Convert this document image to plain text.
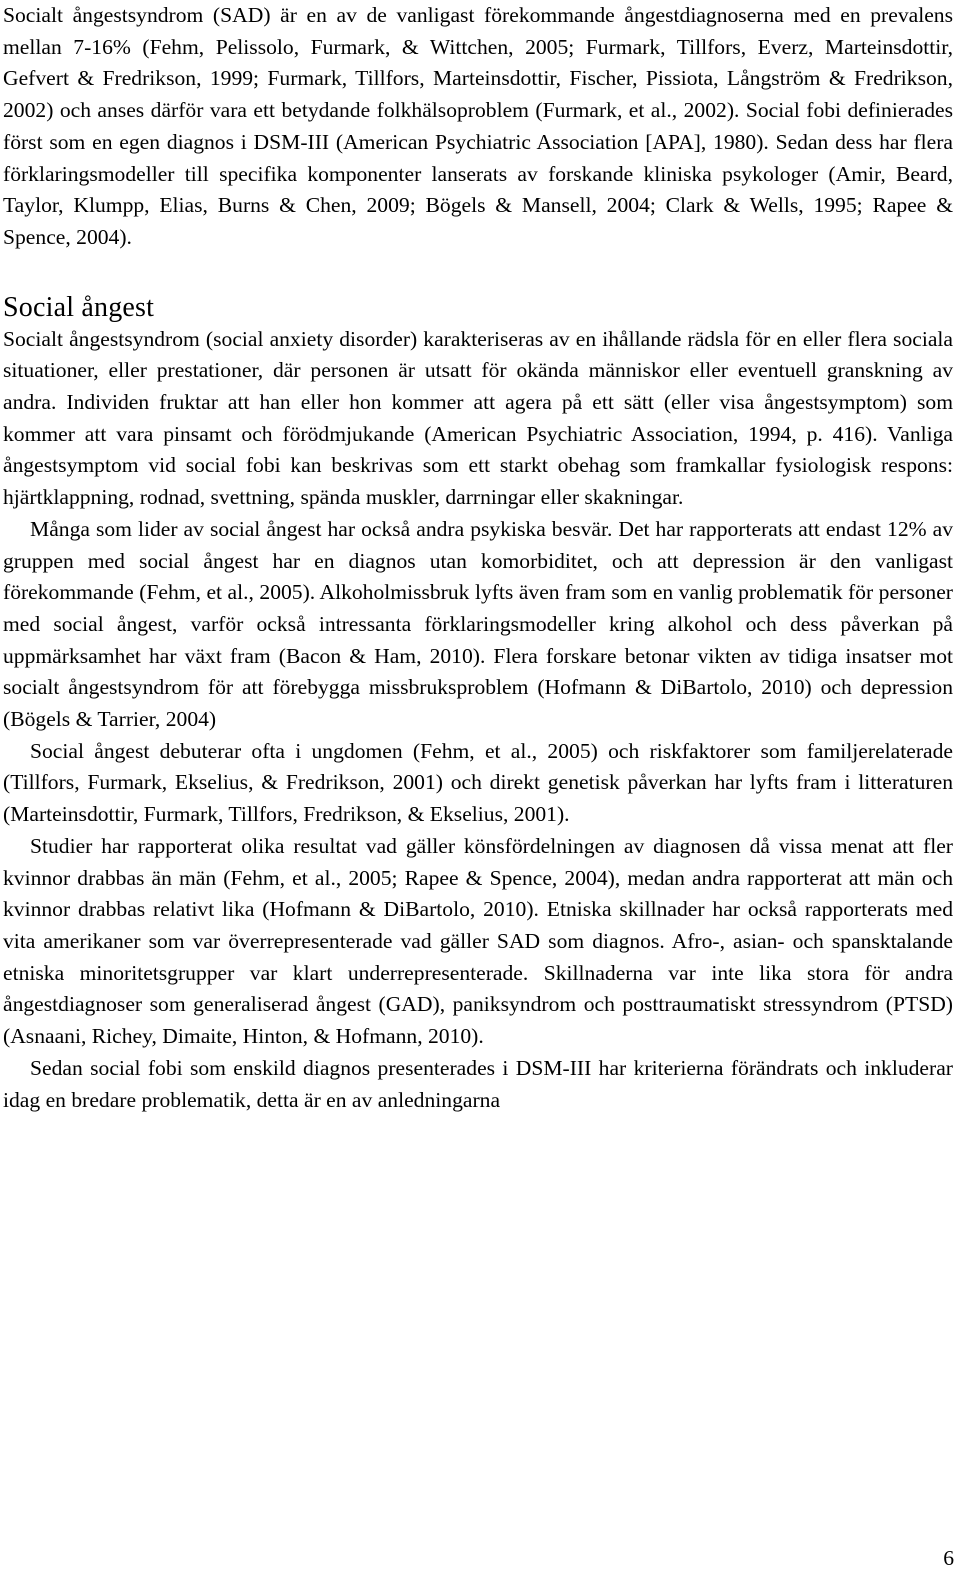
Socialt ångestsyndrom (SAD) är en av de vanligast förekommande ångestdiagnoserna med en prevalens mellan 7-16% (Fehm, Pelissolo, Furmark, & Wittchen, 2005; Furmark, Tillfors, Everz, Marteinsdottir, Gefvert & Fredrikson, 1999; Furmark, Tillfors, Marteinsdottir, Fischer, Pissiota, Långström & Fredrikson, 2002) och anses därför vara ett betydande folkhälsoproblem (Furmark, et al., 2002). Social fobi definierades först som en egen diagnos i DSM-III (American Psychiatric Association [APA], 1980). Sedan dess har flera förklaringsmodeller till specifika komponenter lanserats av forskande kliniska psykologer (Amir, Beard, Taylor, Klumpp, Elias, Burns & Chen, 2009; Bögels & Mansell, 2004; Clark & Wells, 1995; Rapee & Spence, 2004).

Social ångest

Socialt ångestsyndrom (social anxiety disorder) karakteriseras av en ihållande rädsla för en eller flera sociala situationer, eller prestationer, där personen är utsatt för okända människor eller eventuell granskning av andra. Individen fruktar att han eller hon kommer att agera på ett sätt (eller visa ångestsymptom) som kommer att vara pinsamt och förödmjukande (American Psychiatric Association, 1994, p. 416). Vanliga ångestsymptom vid social fobi kan beskrivas som ett starkt obehag som framkallar fysiologisk respons: hjärtklappning, rodnad, svettning, spända muskler, darrningar eller skakningar.

Många som lider av social ångest har också andra psykiska besvär. Det har rapporterats att endast 12% av gruppen med social ångest har en diagnos utan komorbiditet, och att depression är den vanligast förekommande (Fehm, et al., 2005). Alkoholmissbruk lyfts även fram som en vanlig problematik för personer med social ångest, varför också intressanta förklaringsmodeller kring alkohol och dess påverkan på uppmärksamhet har växt fram (Bacon & Ham, 2010). Flera forskare betonar vikten av tidiga insatser mot socialt ångestsyndrom för att förebygga missbruksproblem (Hofmann & DiBartolo, 2010) och depression (Bögels & Tarrier, 2004)

Social ångest debuterar ofta i ungdomen (Fehm, et al., 2005) och riskfaktorer som familjerelaterade (Tillfors, Furmark, Ekselius, & Fredrikson, 2001) och direkt genetisk påverkan har lyfts fram i litteraturen (Marteinsdottir, Furmark, Tillfors, Fredrikson, & Ekselius, 2001).

Studier har rapporterat olika resultat vad gäller könsfördelningen av diagnosen då vissa menat att fler kvinnor drabbas än män (Fehm, et al., 2005; Rapee & Spence, 2004), medan andra rapporterat att män och kvinnor drabbas relativt lika (Hofmann & DiBartolo, 2010). Etniska skillnader har också rapporterats med vita amerikaner som var överrepresenterade vad gäller SAD som diagnos. Afro-, asian- och spansktalande etniska minoritetsgrupper var klart underrepresenterade. Skillnaderna var inte lika stora för andra ångestdiagnoser som generaliserad ångest (GAD), paniksyndrom och posttraumatiskt stressyndrom (PTSD) (Asnaani, Richey, Dimaite, Hinton, & Hofmann, 2010).

Sedan social fobi som enskild diagnos presenterades i DSM-III har kriterierna förändrats och inkluderar idag en bredare problematik, detta är en av anledningarna

6
